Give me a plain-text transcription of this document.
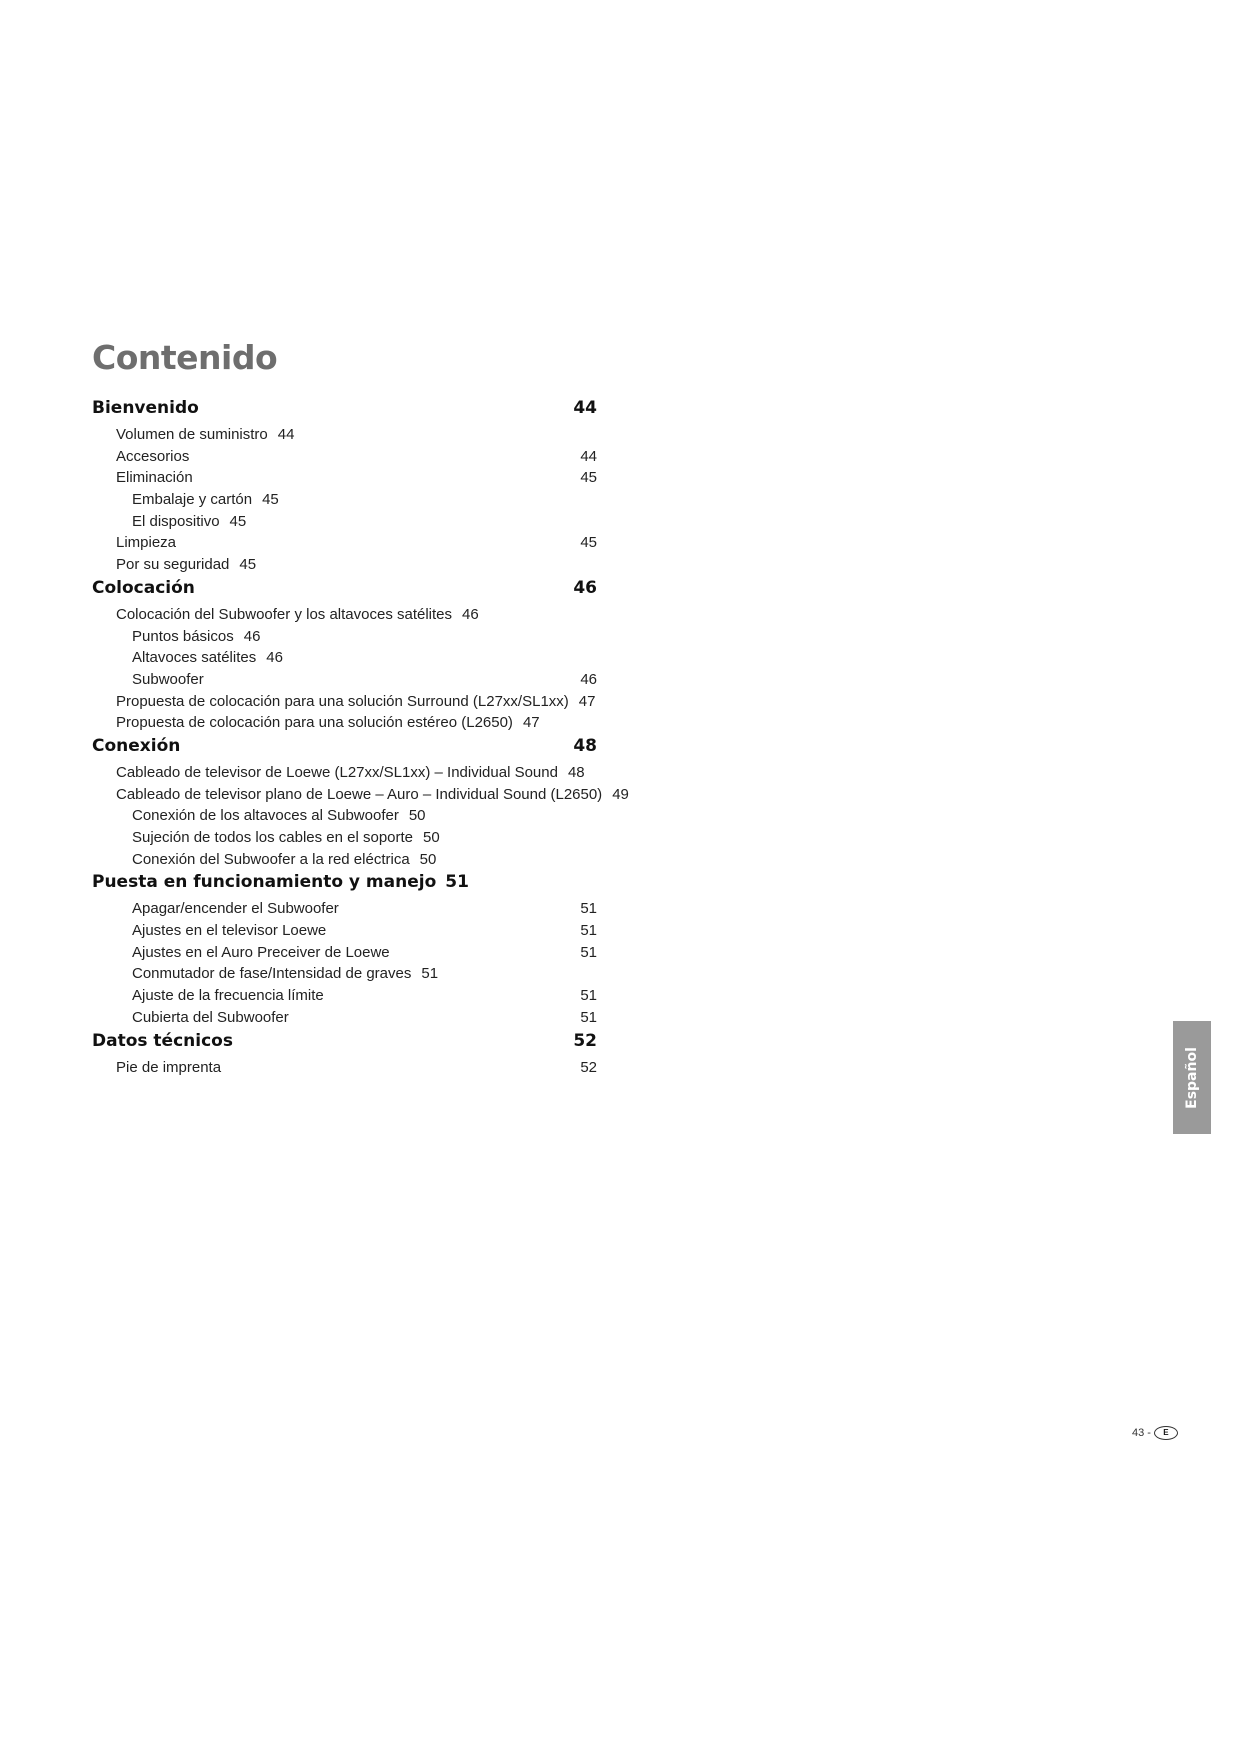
Contenido
Bienvenido	44
Volumen de suministro 44
Accesorios	44
Eliminación	45
Embalaje y cartón 45
El dispositivo 45
Limpieza	45
Por su seguridad 45
Colocación	46
Colocación del Subwoofer y los altavoces satélites 46
Puntos básicos 46
Altavoces satélites 46
Subwoofer	46
Propuesta de colocación para una solución Surround (L27xx/SL1xx) 47
Propuesta de colocación para una solución estéreo (L2650) 47
Conexión	48
Cableado de televisor de Loewe (L27xx/SL1xx) – Individual Sound 48
Cableado de televisor plano de Loewe – Auro – Individual Sound (L2650) 49
Conexión de los altavoces al Subwoofer 50
Sujeción de todos los cables en el soporte 50
Conexión del Subwoofer a la red eléctrica 50
Puesta en funcionamiento y manejo 51
Apagar/encender el Subwoofer	51
Ajustes en el televisor Loewe	51
Ajustes en el Auro Preceiver de Loewe	51
Conmutador de fase/Intensidad de graves 51
Ajuste de la frecuencia límite	51
Cubierta del Subwoofer	51
Datos técnicos	52
Pie de imprenta	52	Español
43 -	E
